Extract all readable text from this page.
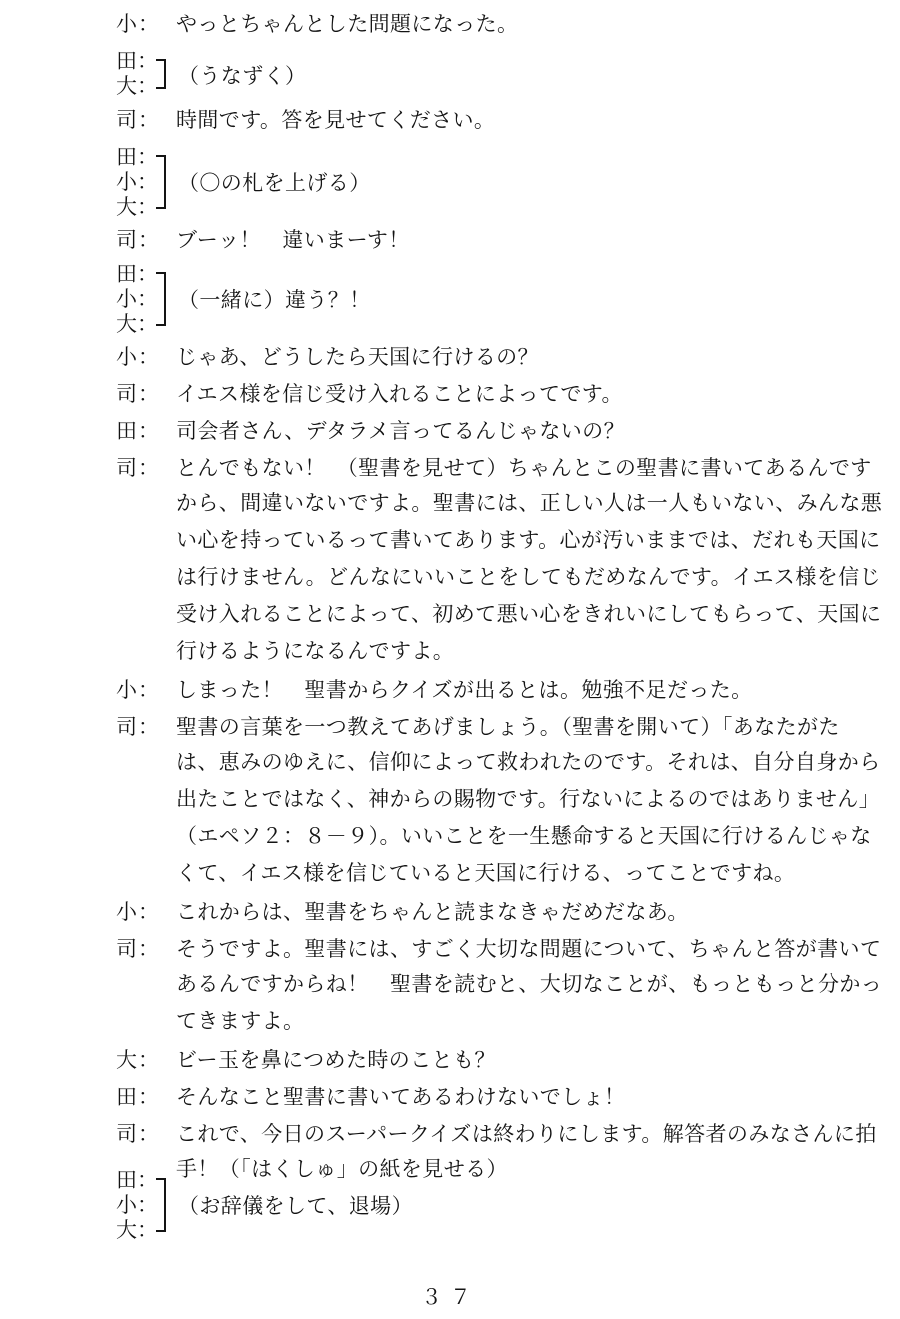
小： やっとちゃんとした問題になった。
田：
大： （うなずく）
司： 時間です。答を見せてください。
田：
小：
大：
（〇の札を上げる）
司： ブーッ！　違いまーす！
田：
小：
大：
（一緒に）違う？！
小： じゃあ、どうしたら天国に行けるの？
司： イエス様を信じ受け入れることによってです。
田： 司会者さん、デタラメ言ってるんじゃないの？
司： とんでもない！　（聖書を見せて）ちゃんとこの聖書に書いてあるんです
から、間違いないですよ。聖書には、正しい人は一人もいない、みんな悪
い心を持っているって書いてあります。心が汚いままでは、だれも天国に
は行けません。どんなにいいことをしてもだめなんです。イエス様を信じ
受け入れることによって、初めて悪い心をきれいにしてもらって、天国に
行けるようになるんですよ。
小： しまった！　聖書からクイズが出るとは。勉強不足だった。
司： 聖書の言葉を一つ教えてあげましょう。（聖書を開いて）「あなたがた
は、恵みのゆえに、信仰によって救われたのです。それは、自分自身から
出たことではなく、神からの賜物です。行ないによるのではありません」
（エペソ２：８－９）。いいことを一生懸命すると天国に行けるんじゃな
くて、イエス様を信じていると天国に行ける、ってことですね。
小： これからは、聖書をちゃんと読まなきゃだめだなあ。
司： そうですよ。聖書には、すごく大切な問題について、ちゃんと答が書いて
あるんですからね！　聖書を読むと、大切なことが、もっともっと分かっ
てきますよ。
大： ビー玉を鼻につめた時のことも？
田： そんなこと聖書に書いてあるわけないでしょ！
司： これで、今日のスーパークイズは終わりにします。解答者のみなさんに拍
手！（「はくしゅ」の紙を見せる）
田：
小：
大：
（お辞儀をして、退場）
３７
